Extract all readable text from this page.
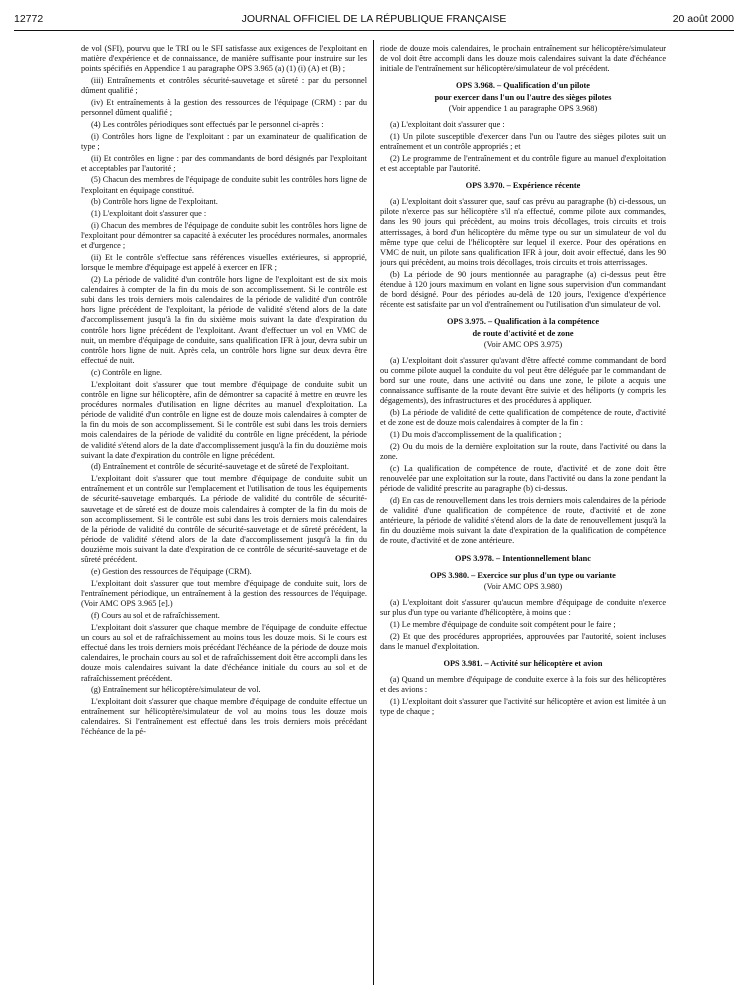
12772	JOURNAL OFFICIEL DE LA RÉPUBLIQUE FRANÇAISE	20 août 2000

de vol (SFI), pourvu que le TRI ou le SFI satisfasse aux exigences de l'exploitant en matière d'expérience et de connaissance, de manière suffisante pour instruire sur les points spécifiés en Appendice 1 au paragraphe OPS 3.965 (a) (1) (i) (A) et (B) ;

(iii) Entraînements et contrôles sécurité-sauvetage et sûreté : par du personnel dûment qualifié ;

(iv) Et entraînements à la gestion des ressources de l'équipage (CRM) : par du personnel dûment qualifié ;

(4) Les contrôles périodiques sont effectués par le personnel ci-après :

(i) Contrôles hors ligne de l'exploitant : par un examinateur de qualification de type ;

(ii) Et contrôles en ligne : par des commandants de bord désignés par l'exploitant et acceptables par l'autorité ;

(5) Chacun des membres de l'équipage de conduite subit les contrôles hors ligne de l'exploitant en équipage constitué.

(b) Contrôle hors ligne de l'exploitant.

(1) L'exploitant doit s'assurer que :

(i) Chacun des membres de l'équipage de conduite subit les contrôles hors ligne de l'exploitant pour démontrer sa capacité à exécuter les procédures normales, anormales et d'urgence ;

(ii) Et le contrôle s'effectue sans références visuelles extérieures, si approprié, lorsque le membre d'équipage est appelé à exercer en IFR ;

(2) La période de validité d'un contrôle hors ligne de l'exploitant est de six mois calendaires à compter de la fin du mois de son accomplissement. Si le contrôle est subi dans les trois derniers mois calendaires de la période de validité d'un contrôle hors ligne précédent de l'exploitant, la période de validité s'étend alors de la date d'accomplissement jusqu'à la fin du sixième mois suivant la date d'expiration du contrôle hors ligne précédent de l'exploitant. Avant d'effectuer un vol en VMC de nuit, un membre d'équipage de conduite, sans qualification IFR à jour, devra subir un contrôle hors ligne de nuit. Après cela, un contrôle hors ligne sur deux devra être effectué de nuit.

(c) Contrôle en ligne.

L'exploitant doit s'assurer que tout membre d'équipage de conduite subit un contrôle en ligne sur hélicoptère, afin de démontrer sa capacité à mettre en œuvre les procédures normales d'utilisation en ligne décrites au manuel d'exploitation. La période de validité d'un contrôle en ligne est de douze mois calendaires à compter de la fin du mois de son accomplissement. Si le contrôle est subi dans les trois derniers mois calendaires de la période de validité du contrôle en ligne précédent, la période de validité s'étend alors de la date d'accomplissement jusqu'à la fin du douzième mois suivant la date d'expiration du contrôle en ligne précédent.

(d) Entraînement et contrôle de sécurité-sauvetage et de sûreté de l'exploitant.

L'exploitant doit s'assurer que tout membre d'équipage de conduite subit un entraînement et un contrôle sur l'emplacement et l'utilisation de tous les équipements de sécurité-sauvetage embarqués. La période de validité du contrôle de sécurité-sauvetage et de sûreté est de douze mois calendaires à compter de la fin du mois de son accomplissement. Si le contrôle est subi dans les trois derniers mois calendaires de la période de validité du contrôle de sécurité-sauvetage et de sûreté précédent, la période de validité s'étend alors de la date d'accomplissement jusqu'à la fin du douzième mois suivant la date d'expiration de ce contrôle de sécurité-sauvetage et de sûreté précédent.

(e) Gestion des ressources de l'équipage (CRM).

L'exploitant doit s'assurer que tout membre d'équipage de conduite suit, lors de l'entraînement périodique, un entraînement à la gestion des ressources de l'équipage. (Voir AMC OPS 3.965 [e].)

(f) Cours au sol et de rafraîchissement.

L'exploitant doit s'assurer que chaque membre de l'équipage de conduite effectue un cours au sol et de rafraîchissement au moins tous les douze mois. Si le cours est effectué dans les trois derniers mois précédant l'échéance de la période de douze mois calendaires, le prochain cours au sol et de rafraîchissement doit être accompli dans les douze mois calendaires suivant la date d'échéance initiale du cours au sol et de rafraîchissement précédent.

(g) Entraînement sur hélicoptère/simulateur de vol.

L'exploitant doit s'assurer que chaque membre d'équipage de conduite effectue un entraînement sur hélicoptère/simulateur de vol au moins tous les douze mois calendaires. Si l'entraînement est effectué dans les trois derniers mois précédant l'échéance de la pé-

riode de douze mois calendaires, le prochain entraînement sur hélicoptère/simulateur de vol doit être accompli dans les douze mois calendaires suivant la date d'échéance initiale de l'entraînement sur hélicoptère/simulateur de vol précédent.

OPS 3.968. – Qualification d'un pilote

pour exercer dans l'un ou l'autre des sièges pilotes

(Voir appendice 1 au paragraphe OPS 3.968)

(a) L'exploitant doit s'assurer que :

(1) Un pilote susceptible d'exercer dans l'un ou l'autre des sièges pilotes suit un entraînement et un contrôle appropriés ; et

(2) Le programme de l'entraînement et du contrôle figure au manuel d'exploitation et est acceptable par l'autorité.

OPS 3.970. – Expérience récente

(a) L'exploitant doit s'assurer que, sauf cas prévu au paragraphe (b) ci-dessous, un pilote n'exerce pas sur hélicoptère s'il n'a effectué, comme pilote aux commandes, dans les 90 jours qui précèdent, au moins trois décollages, trois circuits et trois atterrissages, à bord d'un hélicoptère du même type ou sur un simulateur de vol du même type que celui de l'hélicoptère sur lequel il exerce. Pour des opérations en VMC de nuit, un pilote sans qualification IFR à jour, doit avoir effectué, dans les 90 jours qui précèdent, au moins trois décollages, trois circuits et trois atterrissages.

(b) La période de 90 jours mentionnée au paragraphe (a) ci-dessus peut être étendue à 120 jours maximum en volant en ligne sous supervision d'un commandant de bord désigné. Pour des périodes au-delà de 120 jours, l'exigence d'expérience récente est satisfaite par un vol d'entraînement ou l'utilisation d'un simulateur de vol.

OPS 3.975. – Qualification à la compétence

de route d'activité et de zone

(Voir AMC OPS 3.975)

(a) L'exploitant doit s'assurer qu'avant d'être affecté comme commandant de bord ou comme pilote auquel la conduite du vol peut être déléguée par le commandant de bord sur une route, dans une activité ou dans une zone, le pilote a acquis une connaissance suffisante de la route devant être suivie et des héliports (y compris les dégagements), des infrastructures et des procédures à appliquer.

(b) La période de validité de cette qualification de compétence de route, d'activité et de zone est de douze mois calendaires à compter de la fin :

(1) Du mois d'accomplissement de la qualification ;

(2) Ou du mois de la dernière exploitation sur la route, dans l'activité ou dans la zone.

(c) La qualification de compétence de route, d'activité et de zone doit être renouvelée par une exploitation sur la route, dans l'activité ou dans la zone pendant la période de validité prescrite au paragraphe (b) ci-dessus.

(d) En cas de renouvellement dans les trois derniers mois calendaires de la période de validité d'une qualification de compétence de route, d'activité et de zone antérieure, la période de validité s'étend alors de la date de renouvellement jusqu'à la fin du douzième mois suivant la date d'expiration de la qualification de compétence de route, d'activité et de zone antérieure.

OPS 3.978. – Intentionnellement blanc

OPS 3.980. – Exercice sur plus d'un type ou variante

(Voir AMC OPS 3.980)

(a) L'exploitant doit s'assurer qu'aucun membre d'équipage de conduite n'exerce sur plus d'un type ou variante d'hélicoptère, à moins que :

(1) Le membre d'équipage de conduite soit compétent pour le faire ;

(2) Et que des procédures appropriées, approuvées par l'autorité, soient incluses dans le manuel d'exploitation.

OPS 3.981. – Activité sur hélicoptère et avion

(a) Quand un membre d'équipage de conduite exerce à la fois sur des hélicoptères et des avions :

(1) L'exploitant doit s'assurer que l'activité sur hélicoptère et avion est limitée à un type de chaque ;
